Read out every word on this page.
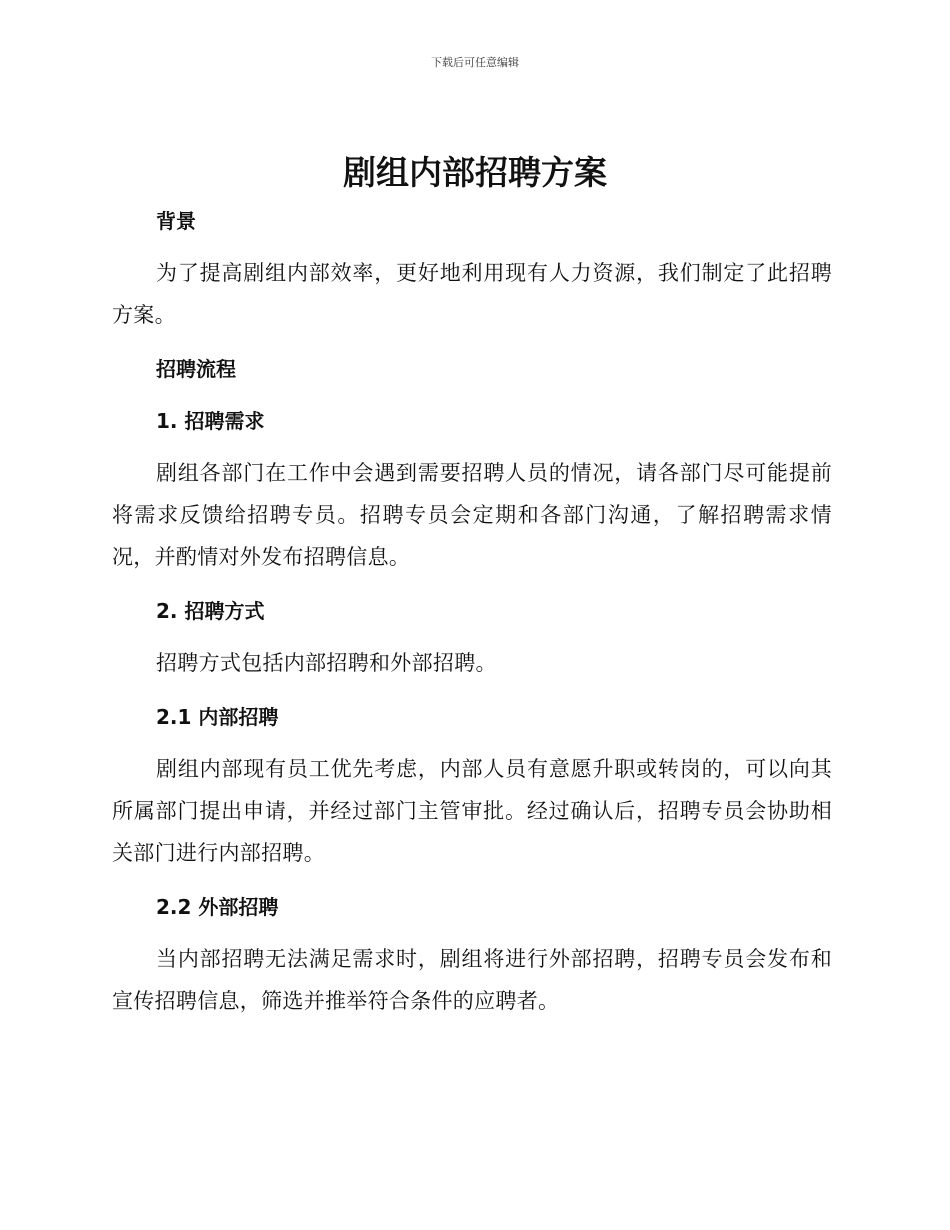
下载后可任意编辑
剧组内部招聘方案
背景

为了提高剧组内部效率，更好地利用现有人力资源，我们制定了此招聘方案。

招聘流程
1. 招聘需求

剧组各部门在工作中会遇到需要招聘人员的情况，请各部门尽可能提前将需求反馈给招聘专员。招聘专员会定期和各部门沟通，了解招聘需求情况，并酌情对外发布招聘信息。

2. 招聘方式

招聘方式包括内部招聘和外部招聘。

2.1 内部招聘

剧组内部现有员工优先考虑，内部人员有意愿升职或转岗的，可以向其所属部门提出申请，并经过部门主管审批。经过确认后，招聘专员会协助相关部门进行内部招聘。

2.2 外部招聘

当内部招聘无法满足需求时，剧组将进行外部招聘，招聘专员会发布和宣传招聘信息，筛选并推举符合条件的应聘者。
